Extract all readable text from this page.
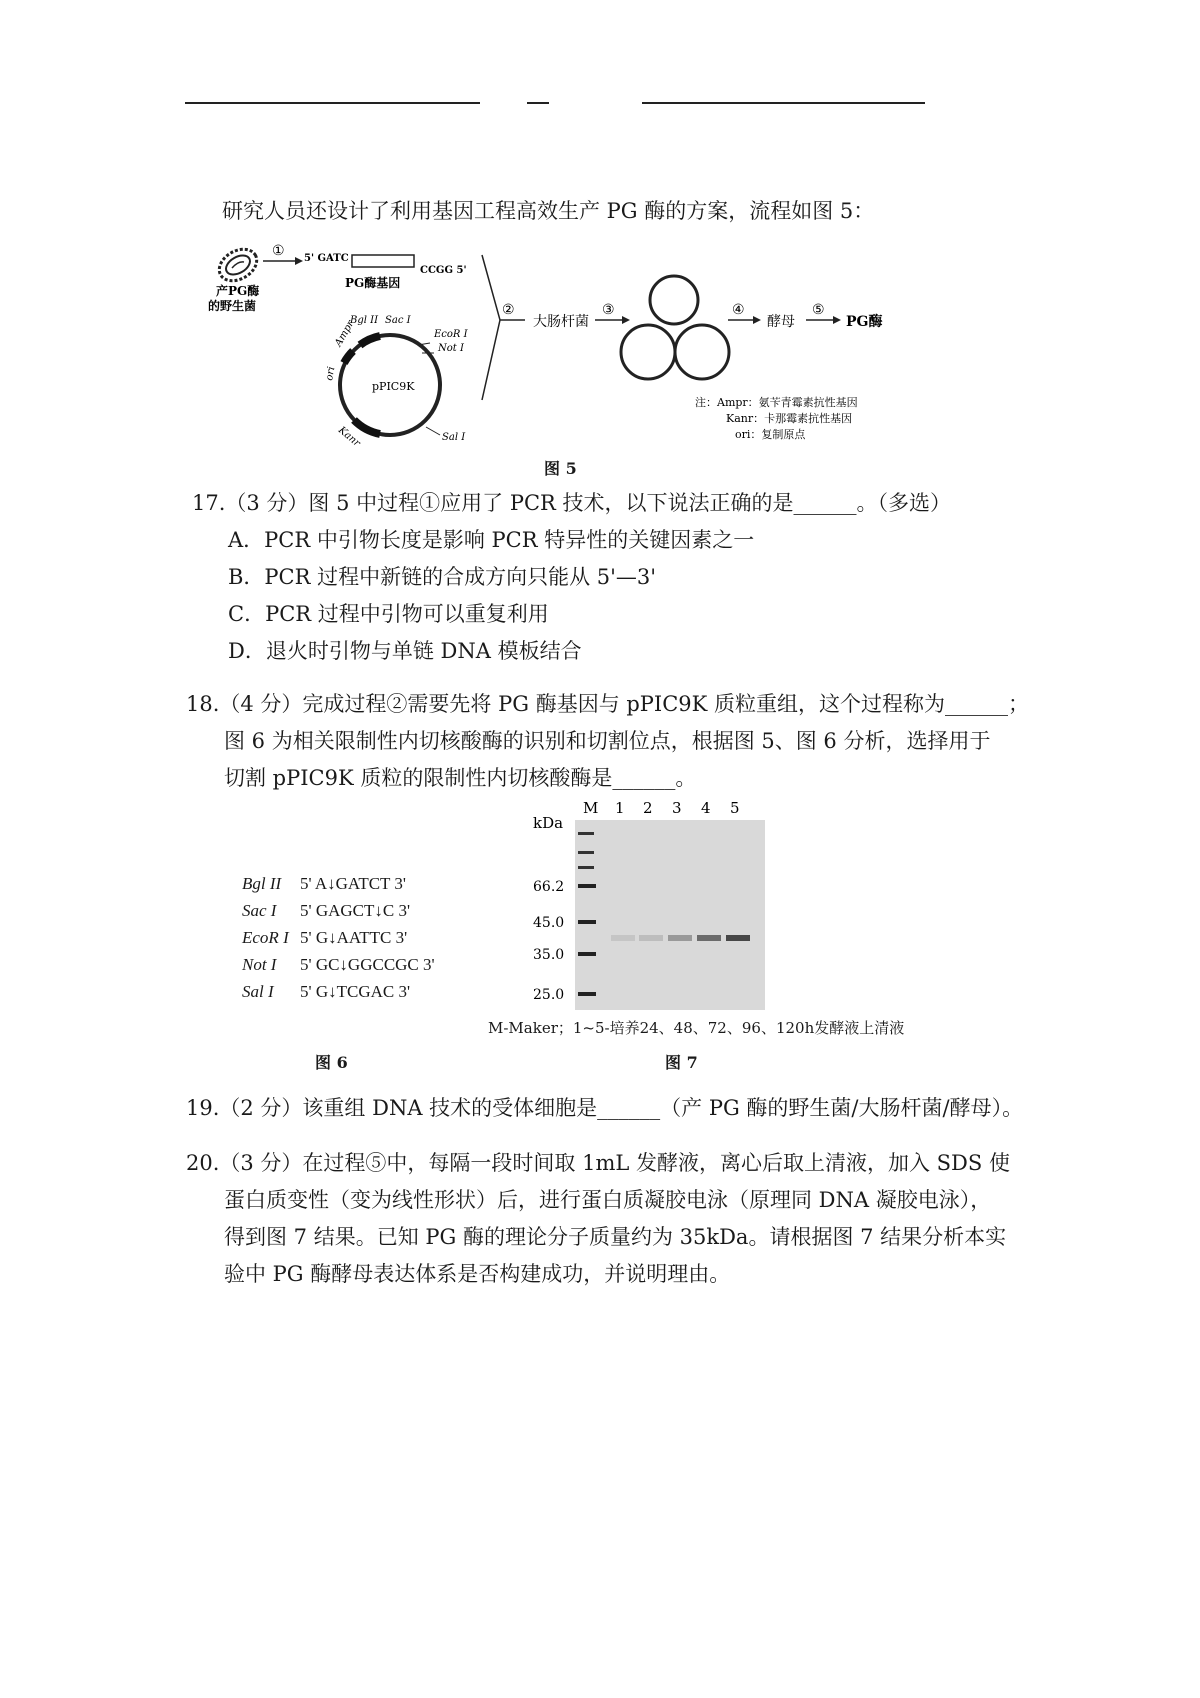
研究人员还设计了利用基因工程高效生产 PG 酶的方案，流程如图 5：
产PG酶
的野生菌
① 5' GATC
CCGG 5'
PG酶基因
pPIC9K
Bgl II Sac I
EcoR I
Not I
Sal I
Ampr
ori
Kanr
②
大肠杆菌
③	④
酵母
⑤
PG酶
注：Ampr：氨苄青霉素抗性基因
Kanr：卡那霉素抗性基因
ori：复制原点
图 5
17.（3 分）图 5 中过程①应用了 PCR 技术，以下说法正确的是______。（多选）
A．PCR 中引物长度是影响 PCR 特异性的关键因素之一
B．PCR 过程中新链的合成方向只能从 5'—3'
C．PCR 过程中引物可以重复利用
D．退火时引物与单链 DNA 模板结合
18.（4 分）完成过程②需要先将 PG 酶基因与 pPIC9K 质粒重组，这个过程称为______；
图 6 为相关限制性内切核酸酶的识别和切割位点，根据图 5、图 6 分析，选择用于
切割 pPIC9K 质粒的限制性内切核酸酶是______。
Bgl II 5' A↓GATCT 3'
Sac I 5' GAGCT↓C 3'
EcoR I 5' G↓AATTC 3'
Not I 5' GC↓GGCCGC 3'
Sal I 5' G↓TCGAC 3'
图 6
M 1 2 3 4 5
kDa
66.2
45.0
35.0
25.0
M-Maker；1~5-培养24、48、72、96、120h发酵液上清液
图 7
19.（2 分）该重组 DNA 技术的受体细胞是______（产 PG 酶的野生菌/大肠杆菌/酵母）。
20.（3 分）在过程⑤中，每隔一段时间取 1mL 发酵液，离心后取上清液，加入 SDS 使
蛋白质变性（变为线性形状）后，进行蛋白质凝胶电泳（原理同 DNA 凝胶电泳），
得到图 7 结果。已知 PG 酶的理论分子质量约为 35kDa。请根据图 7 结果分析本实
验中 PG 酶酵母表达体系是否构建成功，并说明理由。
